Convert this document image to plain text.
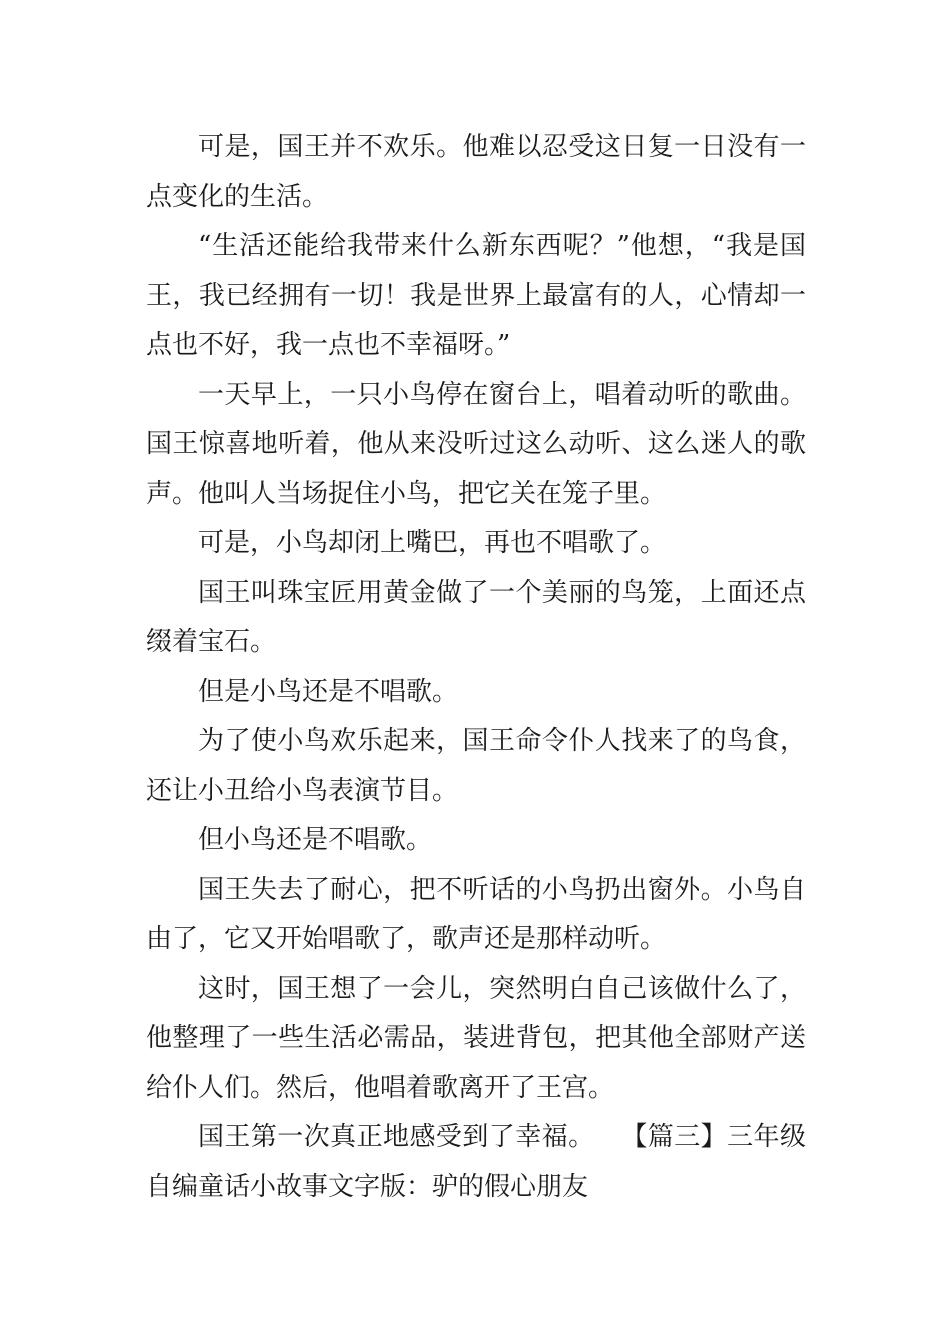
可是，国王并不欢乐。他难以忍受这日复一日没有一点变化的生活。

“生活还能给我带来什么新东西呢？”他想，“我是国王，我已经拥有一切！我是世界上最富有的人，心情却一点也不好，我一点也不幸福呀。”

一天早上，一只小鸟停在窗台上，唱着动听的歌曲。国王惊喜地听着，他从来没听过这么动听、这么迷人的歌声。他叫人当场捉住小鸟，把它关在笼子里。

可是，小鸟却闭上嘴巴，再也不唱歌了。

国王叫珠宝匠用黄金做了一个美丽的鸟笼，上面还点缀着宝石。

但是小鸟还是不唱歌。

为了使小鸟欢乐起来，国王命令仆人找来了的鸟食，还让小丑给小鸟表演节目。

但小鸟还是不唱歌。

国王失去了耐心，把不听话的小鸟扔出窗外。小鸟自由了，它又开始唱歌了，歌声还是那样动听。

这时，国王想了一会儿，突然明白自己该做什么了，他整理了一些生活必需品，装进背包，把其他全部财产送给仆人们。然后，他唱着歌离开了王宫。

国王第一次真正地感受到了幸福。　　【篇三】三年级自编童话小故事文字版：驴的假心朋友
